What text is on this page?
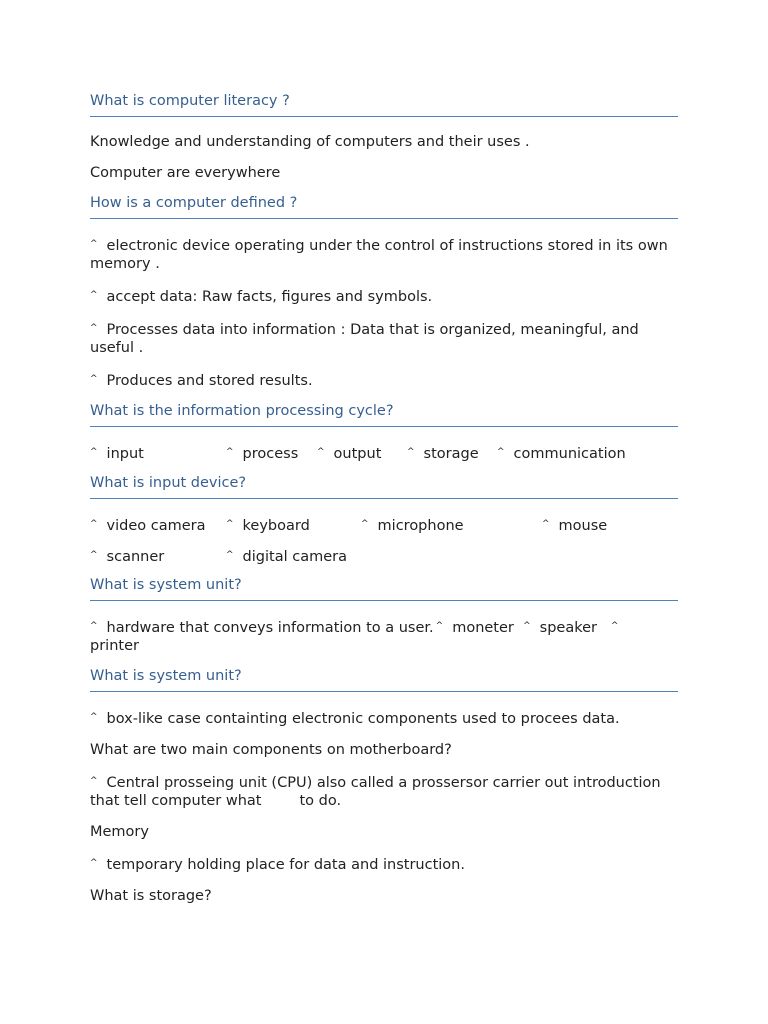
What is computer literacy ?
Knowledge and understanding of computers and their uses .
Computer are everywhere
How is a computer defined ?
^ electronic device operating under the control of instructions stored in its own memory .
^ accept data: Raw facts, figures and symbols.
^ Processes data into information : Data that is organized, meaningful, and useful .
^ Produces and stored results.
What is the information processing cycle?
^ input	^ process ^ output	^ storage ^ communication
What is input device?
^ video camera ^ keyboard	^ microphone	^ mouse
^ scanner	^ digital camera
What is system unit?
^ hardware that conveys information to a user. ^ moneter ^ speaker ^ printer
What is system unit?
^ box-like case containting electronic components used to procees data.
What are two main components on motherboard?
^ Central prosseing unit (CPU) also called a prossersor carrier out introduction that tell computer what	to do.
Memory
^ temporary holding place for data and instruction.
What is storage?
